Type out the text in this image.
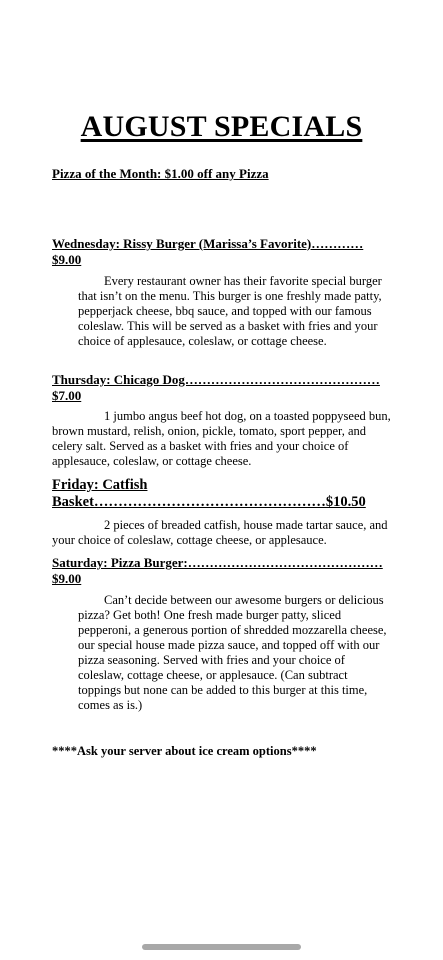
AUGUST SPECIALS
Pizza of the Month: $1.00 off any Pizza
Wednesday: Rissy Burger (Marissa’s Favorite)…………$9.00
Every restaurant owner has their favorite special burger that isn’t on the menu. This burger is one freshly made patty, pepperjack cheese, bbq sauce, and topped with our famous coleslaw. This will be served as a basket with fries and your choice of applesauce, coleslaw, or cottage cheese.
Thursday: Chicago Dog……………………………………… $7.00
1 jumbo angus beef hot dog, on a toasted poppyseed bun, brown mustard, relish, onion, pickle, tomato, sport pepper, and celery salt. Served as a basket with fries and your choice of applesauce, coleslaw, or cottage cheese.
Friday: Catfish Basket…………………………………………$10.50
2 pieces of breaded catfish, house made tartar sauce, and your choice of coleslaw, cottage cheese, or applesauce.
Saturday: Pizza Burger:………………………………………$9.00
Can’t decide between our awesome burgers or delicious pizza? Get both! One fresh made burger patty, sliced pepperoni, a generous portion of shredded mozzarella cheese, our special house made pizza sauce, and topped off with our pizza seasoning. Served with fries and your choice of coleslaw, cottage cheese, or applesauce. (Can subtract toppings but none can be added to this burger at this time, comes as is.)
****Ask your server about ice cream options****
